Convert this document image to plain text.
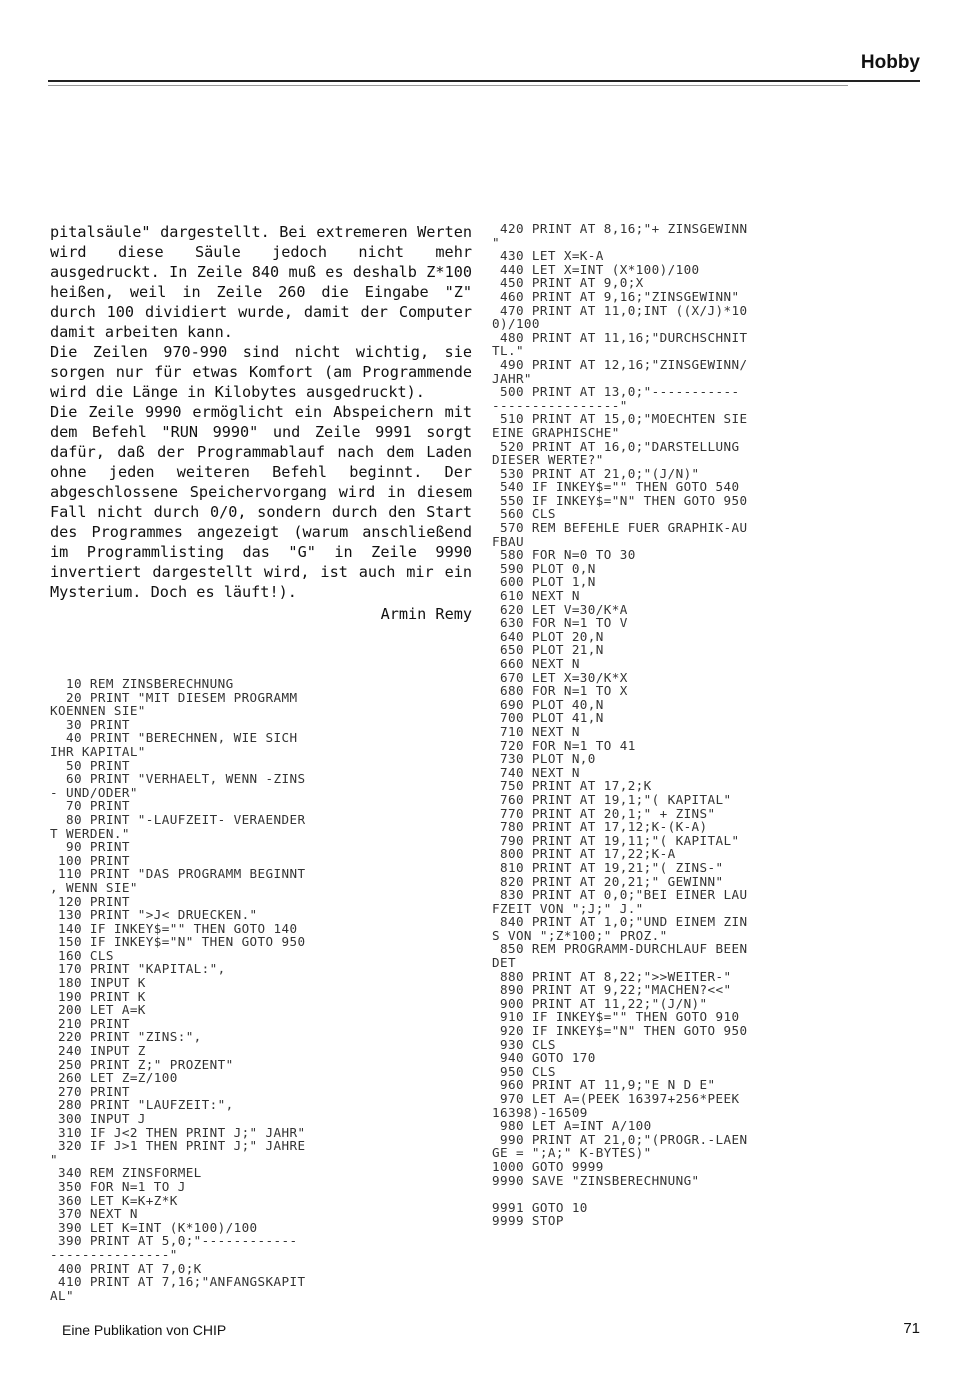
Hobby

pitalsäule" dargestellt. Bei extremeren Werten wird diese Säule jedoch nicht mehr ausgedruckt. In Zeile 840 muß es deshalb Z*100 heißen, weil in Zeile 260 die Eingabe "Z" durch 100 dividiert wurde, damit der Computer damit arbeiten kann.

Die Zeilen 970-990 sind nicht wichtig, sie sorgen nur für etwas Komfort (am Programmende wird die Länge in Kilobytes ausgedruckt).

Die Zeile 9990 ermöglicht ein Abspeichern mit dem Befehl "RUN 9990" und Zeile 9991 sorgt dafür, daß der Programmablauf nach dem Laden ohne jeden weiteren Befehl beginnt. Der abgeschlossene Speichervorgang wird in diesem Fall nicht durch 0/0, sondern durch den Start des Programmes angezeigt (warum anschließend im Programmlisting das "G" in Zeile 9990 invertiert dargestellt wird, ist auch mir ein Mysterium. Doch es läuft!).

Armin Remy
10 REM ZINSBERECHNUNG
20 PRINT "MIT DIESEM PROGRAMM
KOENNEN SIE"
30 PRINT
40 PRINT "BERECHNEN, WIE SICH
IHR KAPITAL"
50 PRINT
60 PRINT "VERHAELT, WENN -ZINS
- UND/ODER"
70 PRINT
80 PRINT "-LAUFZEIT- VERAENDER
T WERDEN."
90 PRINT
100 PRINT
110 PRINT "DAS PROGRAMM BEGINNT
, WENN SIE"
120 PRINT
130 PRINT ">J< DRUECKEN."
140 IF INKEY$="" THEN GOTO 140
150 IF INKEY$="N" THEN GOTO 950
160 CLS
170 PRINT "KAPITAL:",
180 INPUT K
190 PRINT K
200 LET A=K
210 PRINT
220 PRINT "ZINS:",
240 INPUT Z
250 PRINT Z;" PROZENT"
260 LET Z=Z/100
270 PRINT
280 PRINT "LAUFZEIT:",
300 INPUT J
310 IF J<2 THEN PRINT J;" JAHR"
320 IF J>1 THEN PRINT J;" JAHRE
"
340 REM ZINSFORMEL
350 FOR N=1 TO J
360 LET K=K+Z*K
370 NEXT N
390 LET K=INT (K*100)/100
390 PRINT AT 5,0;"------------
---------------"
400 PRINT AT 7,0;K
410 PRINT AT 7,16;"ANFANGSKAPIT
AL"
420 PRINT AT 8,16;"+ ZINSGEWINN
"
430 LET X=K-A
440 LET X=INT (X*100)/100
450 PRINT AT 9,0;X
460 PRINT AT 9,16;"ZINSGEWINN"
470 PRINT AT 11,0;INT ((X/J)*10
0)/100
480 PRINT AT 11,16;"DURCHSCHNIT
TL."
490 PRINT AT 12,16;"ZINSGEWINN/
JAHR"
500 PRINT AT 13,0;"-----------
----------------"
510 PRINT AT 15,0;"MOECHTEN SIE
EINE GRAPHISCHE"
520 PRINT AT 16,0;"DARSTELLUNG
DIESER WERTE?"
530 PRINT AT 21,0;"(J/N)"
540 IF INKEY$="" THEN GOTO 540
550 IF INKEY$="N" THEN GOTO 950
560 CLS
570 REM BEFEHLE FUER GRAPHIK-AU
FBAU
580 FOR N=0 TO 30
590 PLOT 0,N
600 PLOT 1,N
610 NEXT N
620 LET V=30/K*A
630 FOR N=1 TO V
640 PLOT 20,N
650 PLOT 21,N
660 NEXT N
670 LET X=30/K*X
680 FOR N=1 TO X
690 PLOT 40,N
700 PLOT 41,N
710 NEXT N
720 FOR N=1 TO 41
730 PLOT N,0
740 NEXT N
750 PRINT AT 17,2;K
760 PRINT AT 19,1;"( KAPITAL"
770 PRINT AT 20,1;" + ZINS"
780 PRINT AT 17,12;K-(K-A)
790 PRINT AT 19,11;"( KAPITAL"
800 PRINT AT 17,22;K-A
810 PRINT AT 19,21;"( ZINS-"
820 PRINT AT 20,21;" GEWINN"
830 PRINT AT 0,0;"BEI EINER LAU
FZEIT VON ";J;" J."
840 PRINT AT 1,0;"UND EINEM ZIN
S VON ";Z*100;" PROZ."
850 REM PROGRAMM-DURCHLAUF BEEN
DET
880 PRINT AT 8,22;">>WEITER-"
890 PRINT AT 9,22;"MACHEN?<<"
900 PRINT AT 11,22;"(J/N)"
910 IF INKEY$="" THEN GOTO 910
920 IF INKEY$="N" THEN GOTO 950
930 CLS
940 GOTO 170
950 CLS
960 PRINT AT 11,9;"E N D E"
970 LET A=(PEEK 16397+256*PEEK
16398)-16509
980 LET A=INT A/100
990 PRINT AT 21,0;"(PROGR.-LAEN
GE = ";A;" K-BYTES)"
1000 GOTO 9999
9990 SAVE "ZINSBERECHNUNG"

9991 GOTO 10
9999 STOP
Eine Publikation von CHIP	71
